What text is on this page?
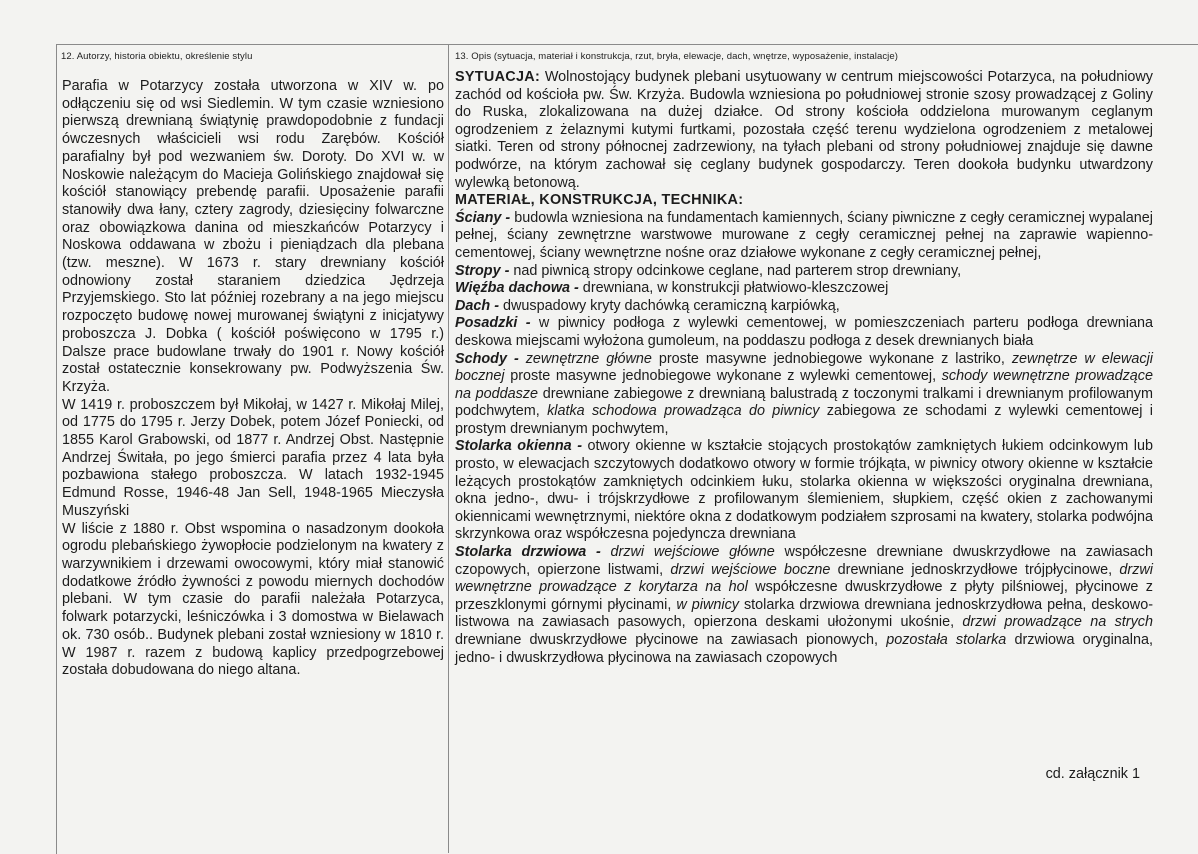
12. Autorzy, historia obiektu, określenie stylu	13. Opis (sytuacja, materiał i konstrukcja, rzut, bryła, elewacje, dach, wnętrze, wyposażenie, instalacje)
Parafia w Potarzycy została utworzona w XIV w. po odłączeniu się od wsi Siedlemin. W tym czasie wzniesiono pierwszą drewnianą świątynię prawdopodobnie z fundacji ówczesnych właścicieli wsi rodu Zarębów. Kościół parafialny był pod wezwaniem św. Doroty. Do XVI w. w Noskowie należącym do Macieja Golińskiego znajdował się kościół stanowiący prebendę parafii. Uposażenie parafii stanowiły dwa łany, cztery zagrody, dziesięciny folwarczne oraz obowiązkowa danina od mieszkańców Potarzycy i Noskowa oddawana w zbożu i pieniądzach dla plebana (tzw. meszne). W 1673 r. stary drewniany kościół odnowiony został staraniem dziedzica Jędrzeja Przyjemskiego. Sto lat później rozebrany a na jego miejscu rozpoczęto budowę nowej murowanej świątyni z inicjatywy proboszcza J. Dobka ( kościół poświęcono w 1795 r.) Dalsze prace budowlane trwały do 1901 r. Nowy kościół został ostatecznie konsekrowany pw. Podwyższenia Św. Krzyża.
W 1419 r. proboszczem był Mikołaj, w 1427 r. Mikołaj Milej, od 1775 do 1795 r. Jerzy Dobek, potem Józef Poniecki, od 1855 Karol Grabowski, od 1877 r. Andrzej Obst. Następnie Andrzej Świtała, po jego śmierci parafia przez 4 lata była pozbawiona stałego proboszcza. W latach 1932-1945 Edmund Rosse, 1946-48 Jan Sell, 1948-1965 Mieczysła Muszyński
W liście z 1880 r. Obst wspomina o nasadzonym dookoła ogrodu plebańskiego żywopłocie podzielonym na kwatery z warzywnikiem i drzewami owocowymi, który miał stanowić dodatkowe źródło żywności z powodu miernych dochodów plebani. W tym czasie do parafii należała Potarzyca, folwark potarzycki, leśniczówka i 3 domostwa w Bielawach ok. 730 osób.. Budynek plebani został wzniesiony w 1810 r. W 1987 r. razem z budową kaplicy przedpogrzebowej została dobudowana do niego altana.

SYTUACJA: Wolnostojący budynek plebani usytuowany w centrum miejscowości Potarzyca, na południowy zachód od kościoła pw. Św. Krzyża. Budowla wzniesiona po południowej stronie szosy prowadzącej z Goliny do Ruska, zlokalizowana na dużej działce. Od strony kościoła oddzielona murowanym ceglanym ogrodzeniem z żelaznymi kutymi furtkami, pozostała część terenu wydzielona ogrodzeniem z metalowej siatki. Teren od strony północnej zadrzewiony, na tyłach plebani od strony południowej znajduje się dawne podwórze, na którym zachował się ceglany budynek gospodarczy. Teren dookoła budynku utwardzony wylewką betonową.

MATERIAŁ, KONSTRUKCJA, TECHNIKA:

Ściany - budowla wzniesiona na fundamentach kamiennych, ściany piwniczne z cegły ceramicznej wypalanej pełnej, ściany zewnętrzne warstwowe murowane z cegły ceramicznej pełnej na zaprawie wapienno-cementowej, ściany wewnętrzne nośne oraz działowe wykonane z cegły ceramicznej pełnej,

Stropy - nad piwnicą stropy odcinkowe ceglane, nad parterem strop drewniany,

Więźba dachowa - drewniana, w konstrukcji płatwiowo-kleszczowej

Dach - dwuspadowy kryty dachówką ceramiczną karpiówką,

Posadzki - w piwnicy podłoga z wylewki cementowej, w pomieszczeniach parteru podłoga drewniana deskowa miejscami wyłożona gumoleum, na poddaszu podłoga z desek drewnianych biała

Schody - zewnętrzne główne proste masywne jednobiegowe wykonane z lastriko, zewnętrze w elewacji bocznej proste masywne jednobiegowe wykonane z wylewki cementowej, schody wewnętrzne prowadzące na poddasze drewniane zabiegowe z drewnianą balustradą z toczonymi tralkami i drewnianym profilowanym podchwytem, klatka schodowa prowadząca do piwnicy zabiegowa ze schodami z wylewki cementowej i prostym drewnianym pochwytem,

Stolarka okienna - otwory okienne w kształcie stojących prostokątów zamkniętych łukiem odcinkowym lub prosto, w elewacjach szczytowych dodatkowo otwory w formie trójkąta, w piwnicy otwory okienne w kształcie leżących prostokątów zamkniętych odcinkiem łuku, stolarka okienna w większości oryginalna drewniana, okna jedno-, dwu- i trójskrzydłowe z profilowanym ślemieniem, słupkiem, część okien z zachowanymi okiennicami wewnętrznymi, niektóre okna z dodatkowym podziałem szprosami na kwatery, stolarka podwójna skrzynkowa oraz współczesna pojedyncza drewniana

Stolarka drzwiowa - drzwi wejściowe główne współczesne drewniane dwuskrzydłowe na zawiasach czopowych, opierzone listwami, drzwi wejściowe boczne drewniane jednoskrzydłowe trójpłycinowe, drzwi wewnętrzne prowadzące z korytarza na hol współczesne dwuskrzydłowe z płyty pilśniowej, płycinowe z przeszklonymi górnymi płycinami, w piwnicy stolarka drzwiowa drewniana jednoskrzydłowa pełna, deskowo-listwowa na zawiasach pasowych, opierzona deskami ułożonymi ukośnie, drzwi prowadzące na strych drewniane dwuskrzydłowe płycinowe na zawiasach pionowych, pozostała stolarka drzwiowa oryginalna, jedno- i dwuskrzydłowa płycinowa na zawiasach czopowych

cd. załącznik 1
